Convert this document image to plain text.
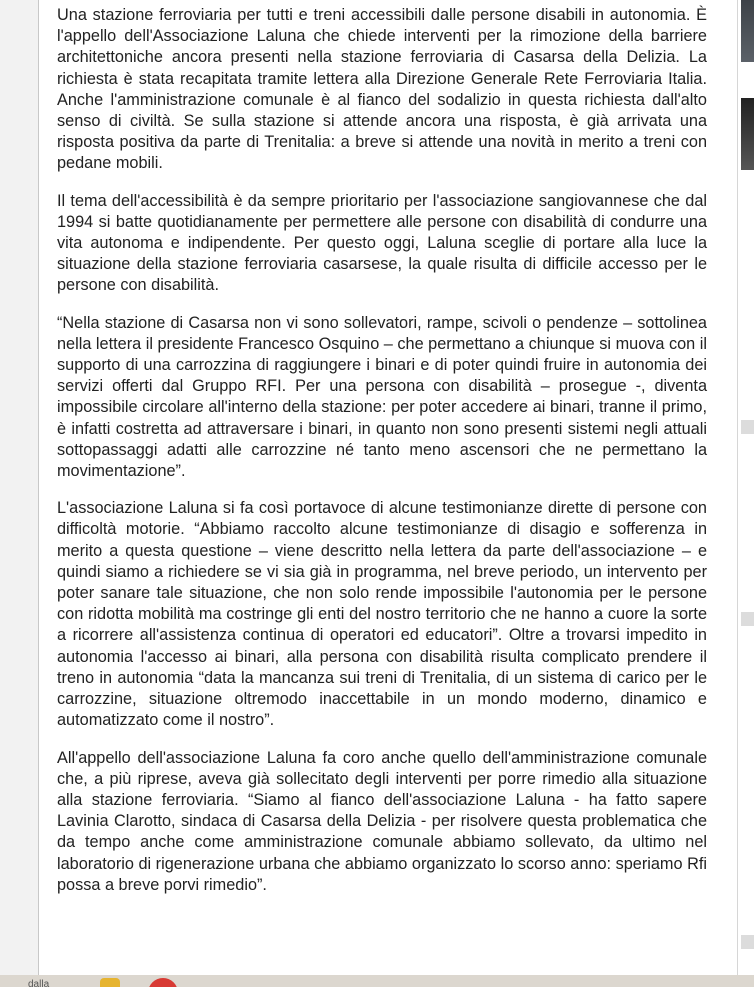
Una stazione ferroviaria per tutti e treni accessibili dalle persone disabili in autonomia. È l'appello dell'Associazione Laluna che chiede interventi per la rimozione della barriere architettoniche ancora presenti nella stazione ferroviaria di Casarsa della Delizia. La richiesta è stata recapitata tramite lettera alla Direzione Generale Rete Ferroviaria Italia. Anche l'amministrazione comunale è al fianco del sodalizio in questa richiesta dall'alto senso di civiltà. Se sulla stazione si attende ancora una risposta, è già arrivata una risposta positiva da parte di Trenitalia: a breve si attende una novità in merito a treni con pedane mobili.

Il tema dell'accessibilità è da sempre prioritario per l'associazione sangiovannese che dal 1994 si batte quotidianamente per permettere alle persone con disabilità di condurre una vita autonoma e indipendente. Per questo oggi, Laluna sceglie di portare alla luce la situazione della stazione ferroviaria casarsese, la quale risulta di difficile accesso per le persone con disabilità.

“Nella stazione di Casarsa non vi sono sollevatori, rampe, scivoli o pendenze – sottolinea nella lettera il presidente Francesco Osquino – che permettano a chiunque si muova con il supporto di una carrozzina di raggiungere i binari e di poter quindi fruire in autonomia dei servizi offerti dal Gruppo RFI. Per una persona con disabilità – prosegue -, diventa impossibile circolare all'interno della stazione: per poter accedere ai binari, tranne il primo, è infatti costretta ad attraversare i binari, in quanto non sono presenti sistemi negli attuali sottopassaggi adatti alle carrozzine né tanto meno ascensori che ne permettano la movimentazione”.

L'associazione Laluna si fa così portavoce di alcune testimonianze dirette di persone con difficoltà motorie. “Abbiamo raccolto alcune testimonianze di disagio e sofferenza in merito a questa questione – viene descritto nella lettera da parte dell'associazione – e quindi siamo a richiedere se vi sia già in programma, nel breve periodo, un intervento per poter sanare tale situazione, che non solo rende impossibile l'autonomia per le persone con ridotta mobilità ma costringe gli enti del nostro territorio che ne hanno a cuore la sorte a ricorrere all'assistenza continua di operatori ed educatori”. Oltre a trovarsi impedito in autonomia l'accesso ai binari, alla persona con disabilità risulta complicato prendere il treno in autonomia “data la mancanza sui treni di Trenitalia, di un sistema di carico per le carrozzine, situazione oltremodo inaccettabile in un mondo moderno, dinamico e automatizzato come il nostro”.

All'appello dell'associazione Laluna fa coro anche quello dell'amministrazione comunale che, a più riprese, aveva già sollecitato degli interventi per porre rimedio alla situazione alla stazione ferroviaria. “Siamo al fianco dell'associazione Laluna - ha fatto sapere Lavinia Clarotto, sindaca di Casarsa della Delizia - per risolvere questa problematica che da tempo anche come amministrazione comunale abbiamo sollevato, da ultimo nel laboratorio di rigenerazione urbana che abbiamo organizzato lo scorso anno: speriamo Rfi possa a breve porvi rimedio”.

dalla
